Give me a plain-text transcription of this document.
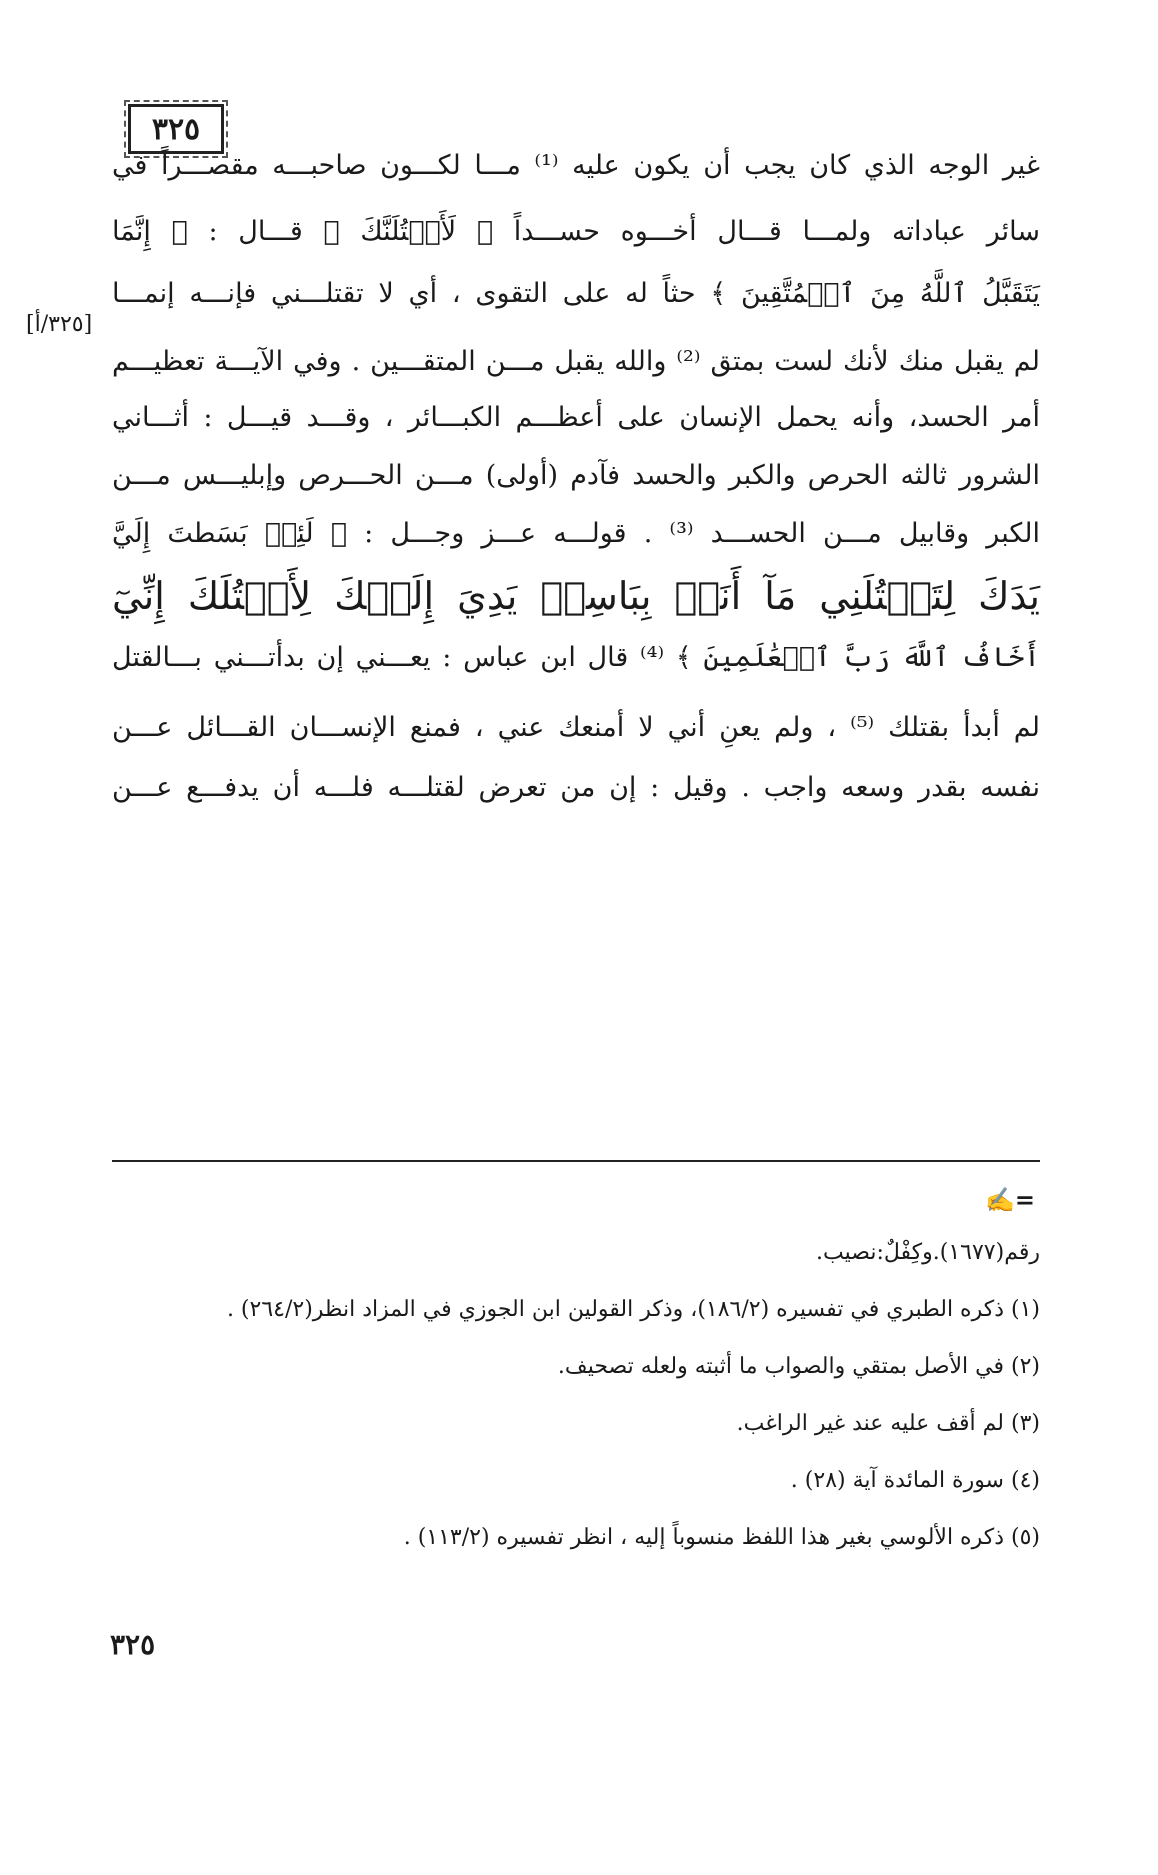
٣٢٥
[٣٢٥/أ]
غير الوجه الذي كان يجب أن يكون عليه ⁽¹⁾ مـــا لكـــون صاحبـــه مقصـــراً في
سائر عباداته ولمـــا قـــال أخـــوه حســـداً ﴿ لَأَقۡتُلَنَّكَ ﴾ قـــال : ﴿ إِنَّمَا
يَتَقَبَّلُ ٱللَّهُ مِنَ ٱلۡمُتَّقِينَ ﴾ حثاً له على التقوى ، أي لا تقتلـــني فإنـــه إنمـــا
لم يقبل منك لأنك لست بمتق ⁽²⁾ والله يقبل مـــن المتقـــين . وفي الآيـــة تعظيـــم
أمر الحسد، وأنه يحمل الإنسان على أعظـــم الكبـــائر ، وقـــد قيـــل : أثـــاني
الشرور ثالثه الحرص والكبر والحسد فآدم (أولى) مـــن الحـــرص وإبليـــس مـــن
الكبر وقابيل مـــن الحســـد ⁽³⁾ . قولـــه عـــز وجـــل : ﴿ لَئِنۢ بَسَطتَ إِلَيَّ
يَدَكَ لِتَقۡتُلَنِي مَآ أَنَا۠ بِبَاسِطٖ يَدِيَ إِلَيۡكَ لِأَقۡتُلَكَ إِنِّيٓ
أَخَافُ ٱللَّهَ رَبَّ ٱلۡعَٰلَمِينَ ﴾ ⁽⁴⁾ قال ابن عباس : يعـــني إن بدأتـــني بـــالقتل
لم أبدأ بقتلك ⁽⁵⁾ ، ولم يعنِ أني لا أمنعك عني ، فمنع الإنســـان القـــائل عـــن
نفسه بقدر وسعه واجب . وقيل : إن من تعرض لقتلـــه فلـــه أن يدفـــع عـــن
✍=
رقم(١٦٧٧).وكِفْلٌ:نصيب.
(١) ذكره الطبري في تفسيره (١٨٦/٢)، وذكر القولين ابن الجوزي في المزاد انظر(٢٦٤/٢) .
(٢) في الأصل بمتقي والصواب ما أثبته ولعله تصحيف.
(٣) لم أقف عليه عند غير الراغب.
(٤) سورة المائدة آية (٢٨) .
(٥) ذكره الألوسي بغير هذا اللفظ منسوباً إليه ، انظر تفسيره (١١٣/٢) .
٣٢٥
